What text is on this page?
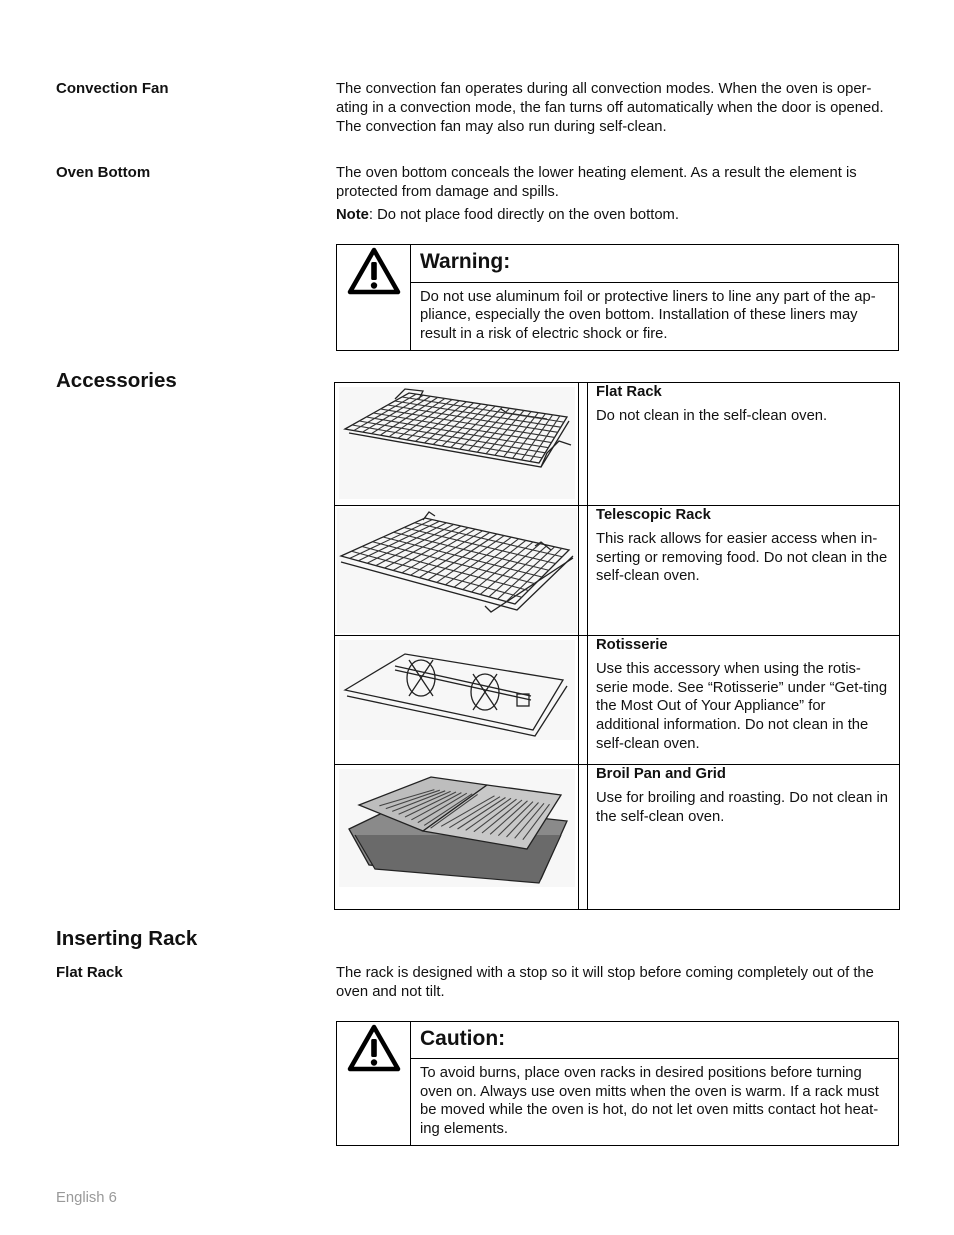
Convection Fan	The convection fan operates during all convection modes. When the oven is oper-ating in a convection mode, the fan turns off automatically when the door is opened. The convection fan may also run during self-clean.
Oven Bottom	The oven bottom conceals the lower heating element. As a result the element is protected from damage and spills.
Note: Do not place food directly on the oven bottom.
Warning:
Do not use aluminum foil or protective liners to line any part of the ap-pliance, especially the oven bottom. Installation of these liners may result in a risk of electric shock or fire.
Accessories	Flat Rack
Do not clean in the self-clean oven.
Telescopic Rack
This rack allows for easier access when in-serting or removing food. Do not clean in the self-clean oven.
Rotisserie
Use this accessory when using the rotis-serie mode. See “Rotisserie” under “Get-ting the Most Out of Your Appliance” for additional information. Do not clean in the self-clean oven.
Broil Pan and Grid
Use for broiling and roasting. Do not clean in the self-clean oven.
Inserting Rack
Flat Rack	The rack is designed with a stop so it will stop before coming completely out of the oven and not tilt.
Caution:
To avoid burns, place oven racks in desired positions before turning oven on. Always use oven mitts when the oven is warm. If a rack must be moved while the oven is hot, do not let oven mitts contact hot heat-ing elements.
English 6
